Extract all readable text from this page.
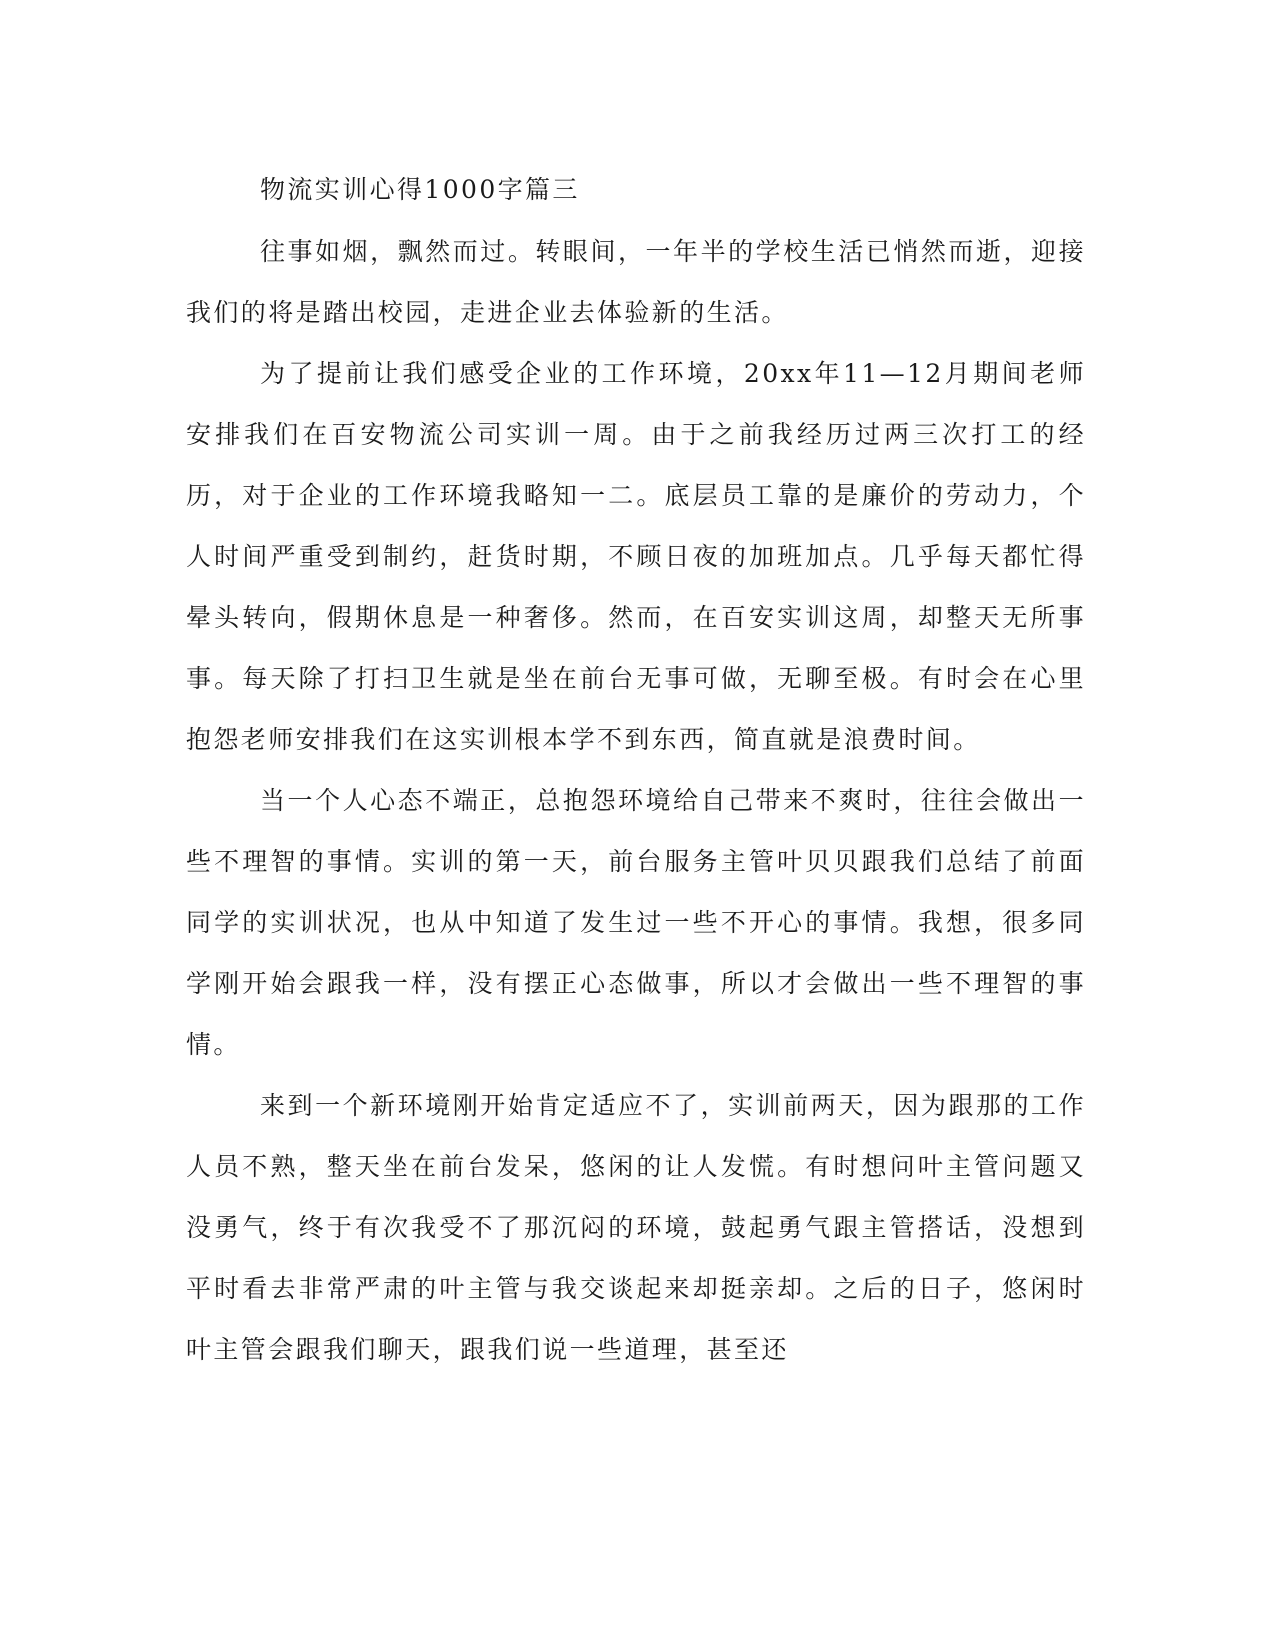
物流实训心得1000字篇三

往事如烟，飘然而过。转眼间，一年半的学校生活已悄然而逝，迎接我们的将是踏出校园，走进企业去体验新的生活。

为了提前让我们感受企业的工作环境，20xx年11—12月期间老师安排我们在百安物流公司实训一周。由于之前我经历过两三次打工的经历，对于企业的工作环境我略知一二。底层员工靠的是廉价的劳动力，个人时间严重受到制约，赶货时期，不顾日夜的加班加点。几乎每天都忙得晕头转向，假期休息是一种奢侈。然而，在百安实训这周，却整天无所事事。每天除了打扫卫生就是坐在前台无事可做，无聊至极。有时会在心里抱怨老师安排我们在这实训根本学不到东西，简直就是浪费时间。

当一个人心态不端正，总抱怨环境给自己带来不爽时，往往会做出一些不理智的事情。实训的第一天，前台服务主管叶贝贝跟我们总结了前面同学的实训状况，也从中知道了发生过一些不开心的事情。我想，很多同学刚开始会跟我一样，没有摆正心态做事，所以才会做出一些不理智的事情。

来到一个新环境刚开始肯定适应不了，实训前两天，因为跟那的工作人员不熟，整天坐在前台发呆，悠闲的让人发慌。有时想问叶主管问题又没勇气，终于有次我受不了那沉闷的环境，鼓起勇气跟主管搭话，没想到平时看去非常严肃的叶主管与我交谈起来却挺亲却。之后的日子，悠闲时叶主管会跟我们聊天，跟我们说一些道理，甚至还
